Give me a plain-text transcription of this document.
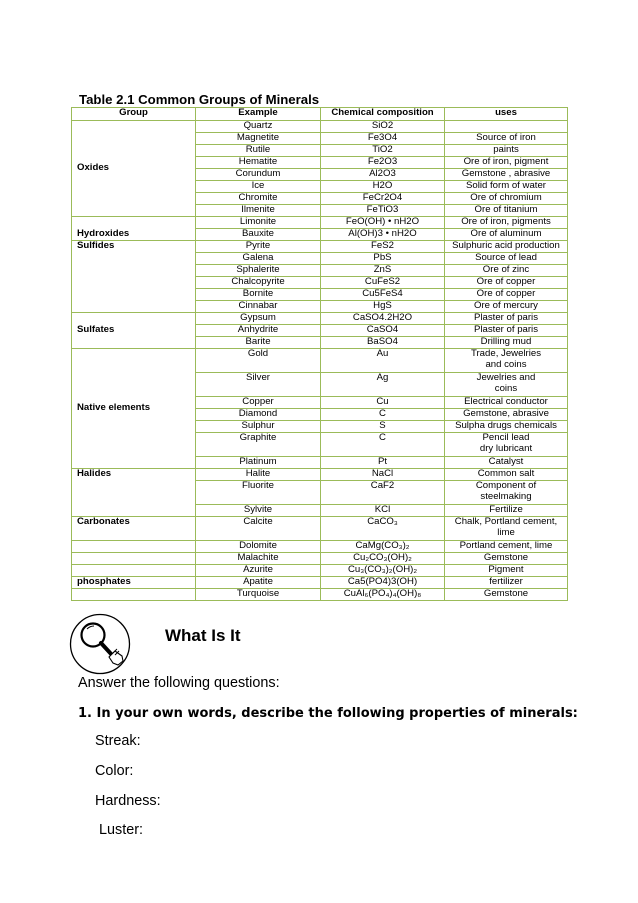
Table 2.1 Common Groups of Minerals
Group	Example	Chemical composition	uses
Oxides	Quartz	SiO2	
	Magnetite	Fe3O4	Source of iron
	Rutile	TiO2	paints
	Hematite	Fe2O3	Ore of iron, pigment
	Corundum	Al2O3	Gemstone , abrasive
	Ice	H2O	Solid form of water
	Chromite	FeCr2O4	Ore of chromium
	Ilmenite	FeTiO3	Ore of titanium
Hydroxides	Limonite	FeO(OH) • nH2O	Ore of iron, pigments
	Bauxite	Al(OH)3 • nH2O	Ore of aluminum
Sulfides	Pyrite	FeS2	Sulphuric acid production
	Galena	PbS	Source of lead
	Sphalerite	ZnS	Ore of zinc
	Chalcopyrite	CuFeS2	Ore of copper
	Bornite	Cu5FeS4	Ore of copper
	Cinnabar	HgS	Ore of mercury
Sulfates	Gypsum	CaSO4.2H2O	Plaster of paris
	Anhydrite	CaSO4	Plaster of paris
	Barite	BaSO4	Drilling mud
Native elements	Gold	Au	Trade, Jewelries
and coins
	Silver	Ag	Jewelries and
coins
	Copper	Cu	Electrical conductor
	Diamond	C	Gemstone, abrasive
	Sulphur	S	Sulpha drugs chemicals
	Graphite	C	Pencil lead
dry lubricant
	Platinum	Pt	Catalyst
Halides	Halite	NaCl	Common salt
	Fluorite	CaF2	Component of
steelmaking
	Sylvite	KCl	Fertilize
Carbonates	Calcite	CaCO₃	Chalk, Portland cement,
lime
	Dolomite	CaMg(CO₃)₂	Portland cement, lime
	Malachite	Cu₂CO₃(OH)₂	Gemstone
	Azurite	Cu₃(CO₃)₂(OH)₂	Pigment
phosphates	Apatite	Ca5(PO4)3(OH)	fertilizer
	Turquoise	CuAl₆(PO₄)₄(OH)₈	Gemstone
What Is It
Answer the following questions:
1. In your own words, describe the following properties of minerals:
Streak:
Color:
Hardness:
Luster:
